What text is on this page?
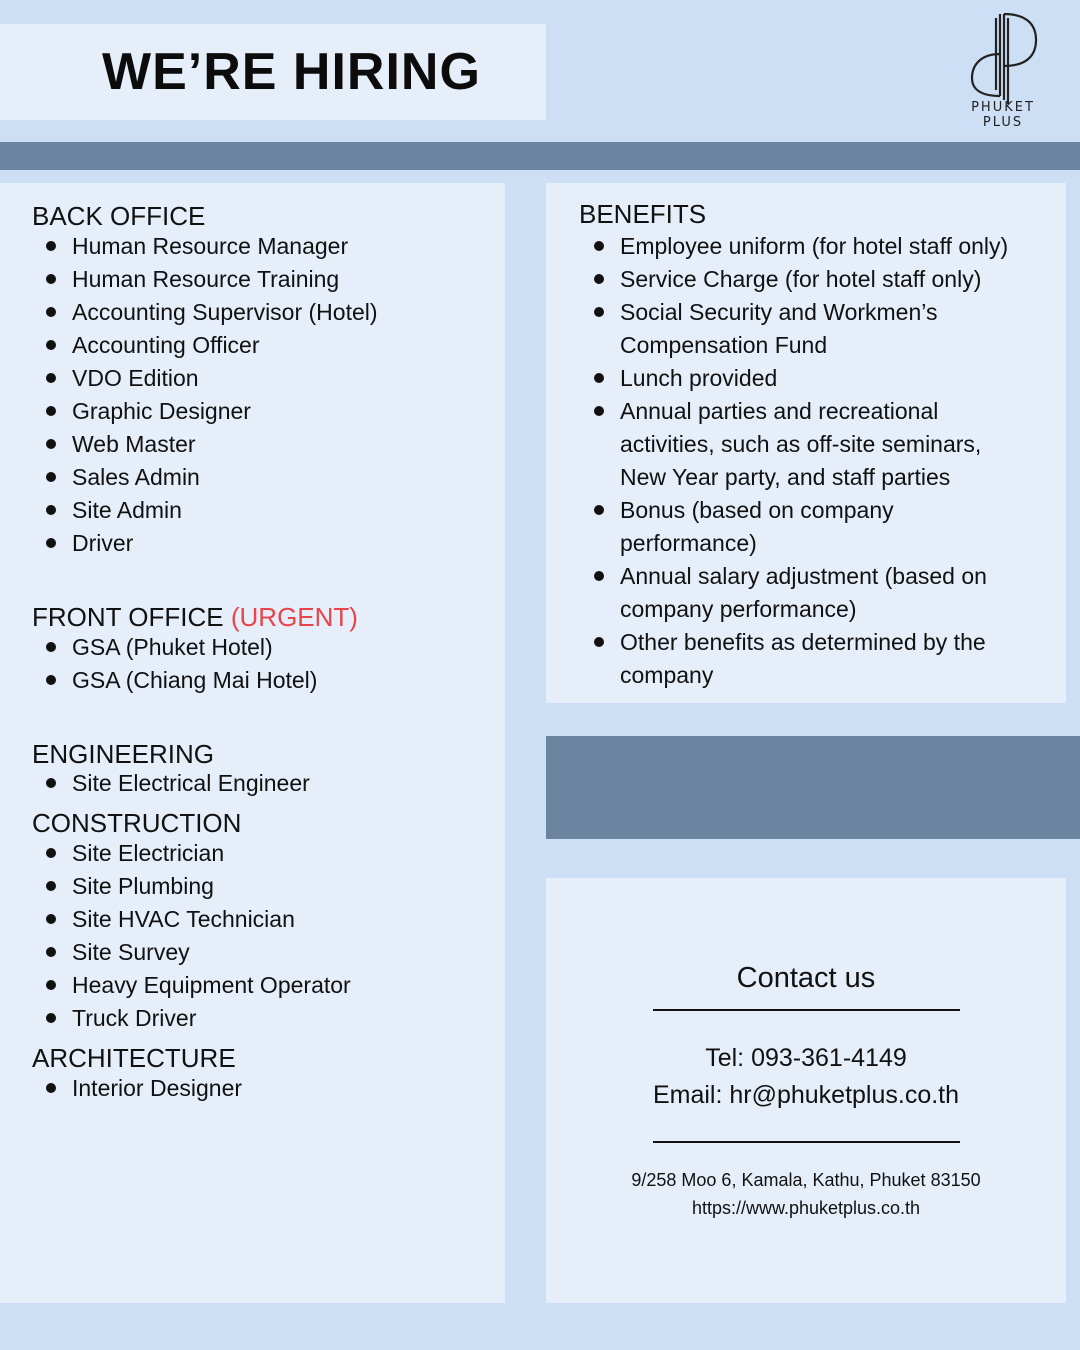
WE’RE HIRING
PHUKET
PLUS
BACK OFFICE
Human Resource Manager
Human Resource Training
Accounting Supervisor (Hotel)
Accounting Officer
VDO Edition
Graphic Designer
Web Master
Sales Admin
Site Admin
Driver
FRONT OFFICE (URGENT)
GSA (Phuket Hotel)
GSA (Chiang Mai Hotel)
ENGINEERING
Site Electrical Engineer
CONSTRUCTION
Site Electrician
Site Plumbing
Site HVAC Technician
Site Survey
Heavy Equipment Operator
Truck Driver
ARCHITECTURE
Interior Designer
BENEFITS
Employee uniform (for hotel staff only)
Service Charge (for hotel staff only)
Social Security and Workmen’s Compensation Fund
Lunch provided
Annual parties and recreational activities, such as off-site seminars, New Year party, and staff parties
Bonus (based on company performance)
Annual salary adjustment (based on company performance)
Other benefits as determined by the company
Contact us
Tel: 093-361-4149
Email: hr@phuketplus.co.th
9/258 Moo 6, Kamala, Kathu, Phuket 83150
https://www.phuketplus.co.th
